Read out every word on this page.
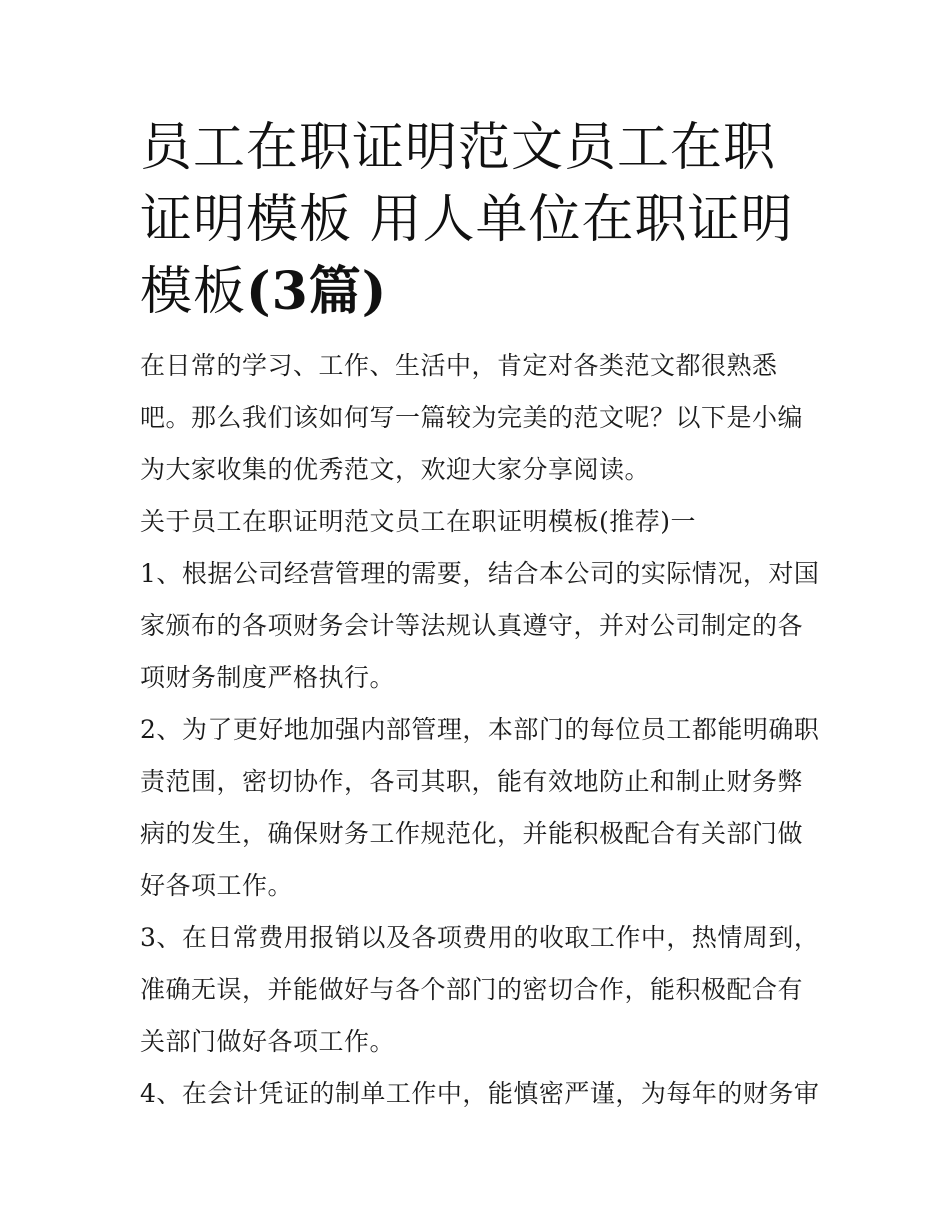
员工在职证明范文员工在职证明模板 用人单位在职证明模板(3篇)

在日常的学习、工作、生活中，肯定对各类范文都很熟悉吧。那么我们该如何写一篇较为完美的范文呢？以下是小编为大家收集的优秀范文，欢迎大家分享阅读。

关于员工在职证明范文员工在职证明模板(推荐)一

1、根据公司经营管理的需要，结合本公司的实际情况，对国家颁布的各项财务会计等法规认真遵守，并对公司制定的各项财务制度严格执行。

2、为了更好地加强内部管理，本部门的每位员工都能明确职责范围，密切协作，各司其职，能有效地防止和制止财务弊病的发生，确保财务工作规范化，并能积极配合有关部门做好各项工作。

3、在日常费用报销以及各项费用的收取工作中，热情周到，准确无误，并能做好与各个部门的密切合作，能积极配合有关部门做好各项工作。

4、在会计凭证的制单工作中，能慎密严谨，为每年的财务审
